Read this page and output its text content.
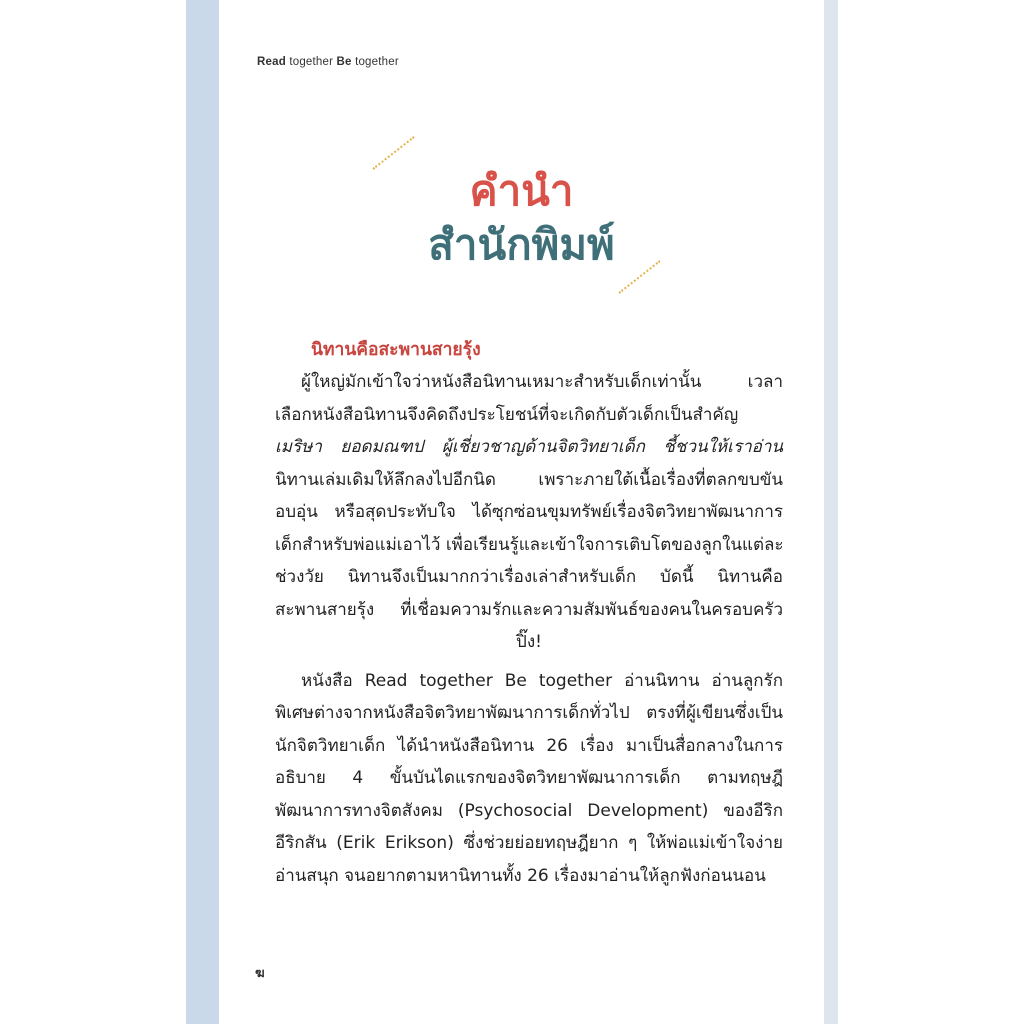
Read together Be together
คำนำ
สำนักพิมพ์
นิทานคือสะพานสายรุ้ง
ผู้ใหญ่มักเข้าใจว่าหนังสือนิทานเหมาะสำหรับเด็กเท่านั้น เวลา
เลือกหนังสือนิทานจึงคิดถึงประโยชน์ที่จะเกิดกับตัวเด็กเป็นสำคัญ
เมริษา ยอดมณฑป ผู้เชี่ยวชาญด้านจิตวิทยาเด็ก ชี้ชวนให้เราอ่าน
นิทานเล่มเดิมให้ลึกลงไปอีกนิด เพราะภายใต้เนื้อเรื่องที่ตลกขบขัน
อบอุ่น หรือสุดประทับใจ ได้ซุกซ่อนขุมทรัพย์เรื่องจิตวิทยาพัฒนาการ
เด็กสำหรับพ่อแม่เอาไว้ เพื่อเรียนรู้และเข้าใจการเติบโตของลูกในแต่ละ
ช่วงวัย นิทานจึงเป็นมากกว่าเรื่องเล่าสำหรับเด็ก บัดนี้ นิทานคือ
สะพานสายรุ้ง ที่เชื่อมความรักและความสัมพันธ์ของคนในครอบครัว
ปิ๊ง!
หนังสือ Read together Be together อ่านนิทาน อ่านลูกรัก
พิเศษต่างจากหนังสือจิตวิทยาพัฒนาการเด็กทั่วไป ตรงที่ผู้เขียนซึ่งเป็น
นักจิตวิทยาเด็ก ได้นำหนังสือนิทาน 26 เรื่อง มาเป็นสื่อกลางในการ
อธิบาย 4 ขั้นบันไดแรกของจิตวิทยาพัฒนาการเด็ก ตามทฤษฎี
พัฒนาการทางจิตสังคม (Psychosocial Development) ของอีริก
อีริกสัน (Erik Erikson) ซึ่งช่วยย่อยทฤษฎียาก ๆ ให้พ่อแม่เข้าใจง่าย
อ่านสนุก จนอยากตามหานิทานทั้ง 26 เรื่องมาอ่านให้ลูกฟังก่อนนอน
ฆ
